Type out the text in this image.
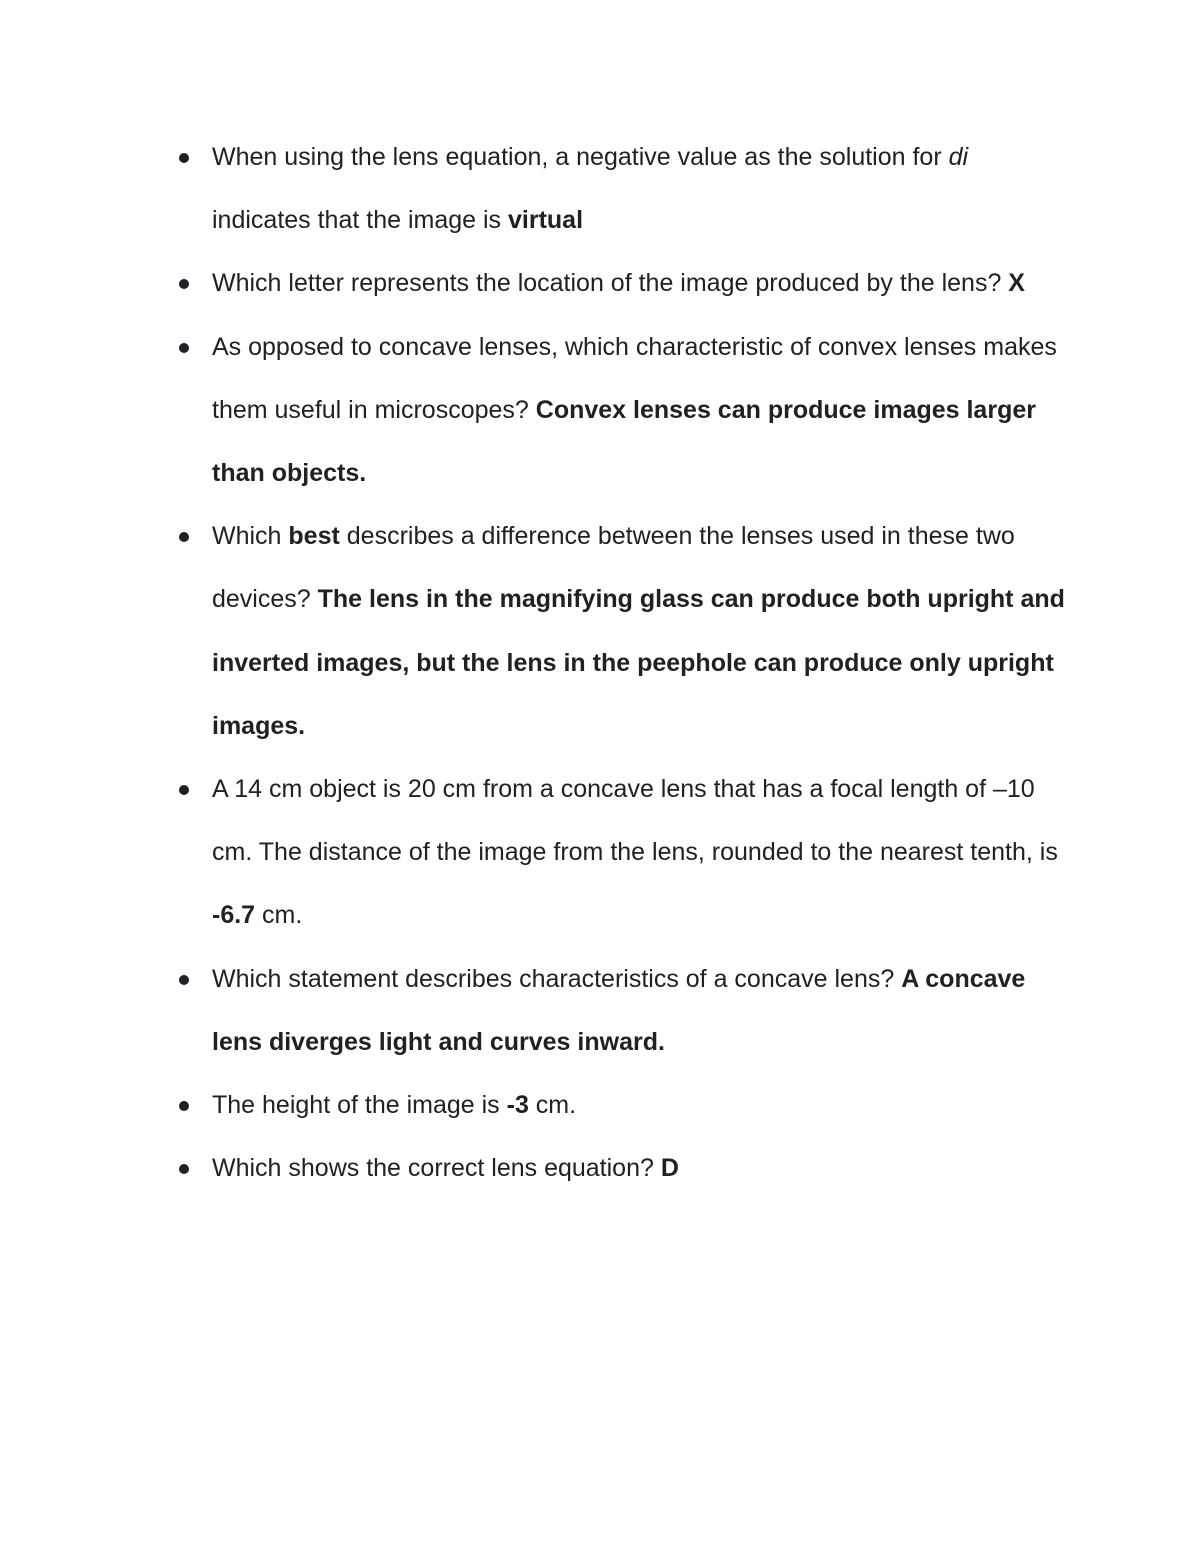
When using the lens equation, a negative value as the solution for di indicates that the image is virtual
Which letter represents the location of the image produced by the lens? X
As opposed to concave lenses, which characteristic of convex lenses makes them useful in microscopes? Convex lenses can produce images larger than objects.
Which best describes a difference between the lenses used in these two devices? The lens in the magnifying glass can produce both upright and inverted images, but the lens in the peephole can produce only upright images.
A 14 cm object is 20 cm from a concave lens that has a focal length of –10 cm. The distance of the image from the lens, rounded to the nearest tenth, is -6.7 cm.
Which statement describes characteristics of a concave lens? A concave lens diverges light and curves inward.
The height of the image is -3 cm.
Which shows the correct lens equation? D
